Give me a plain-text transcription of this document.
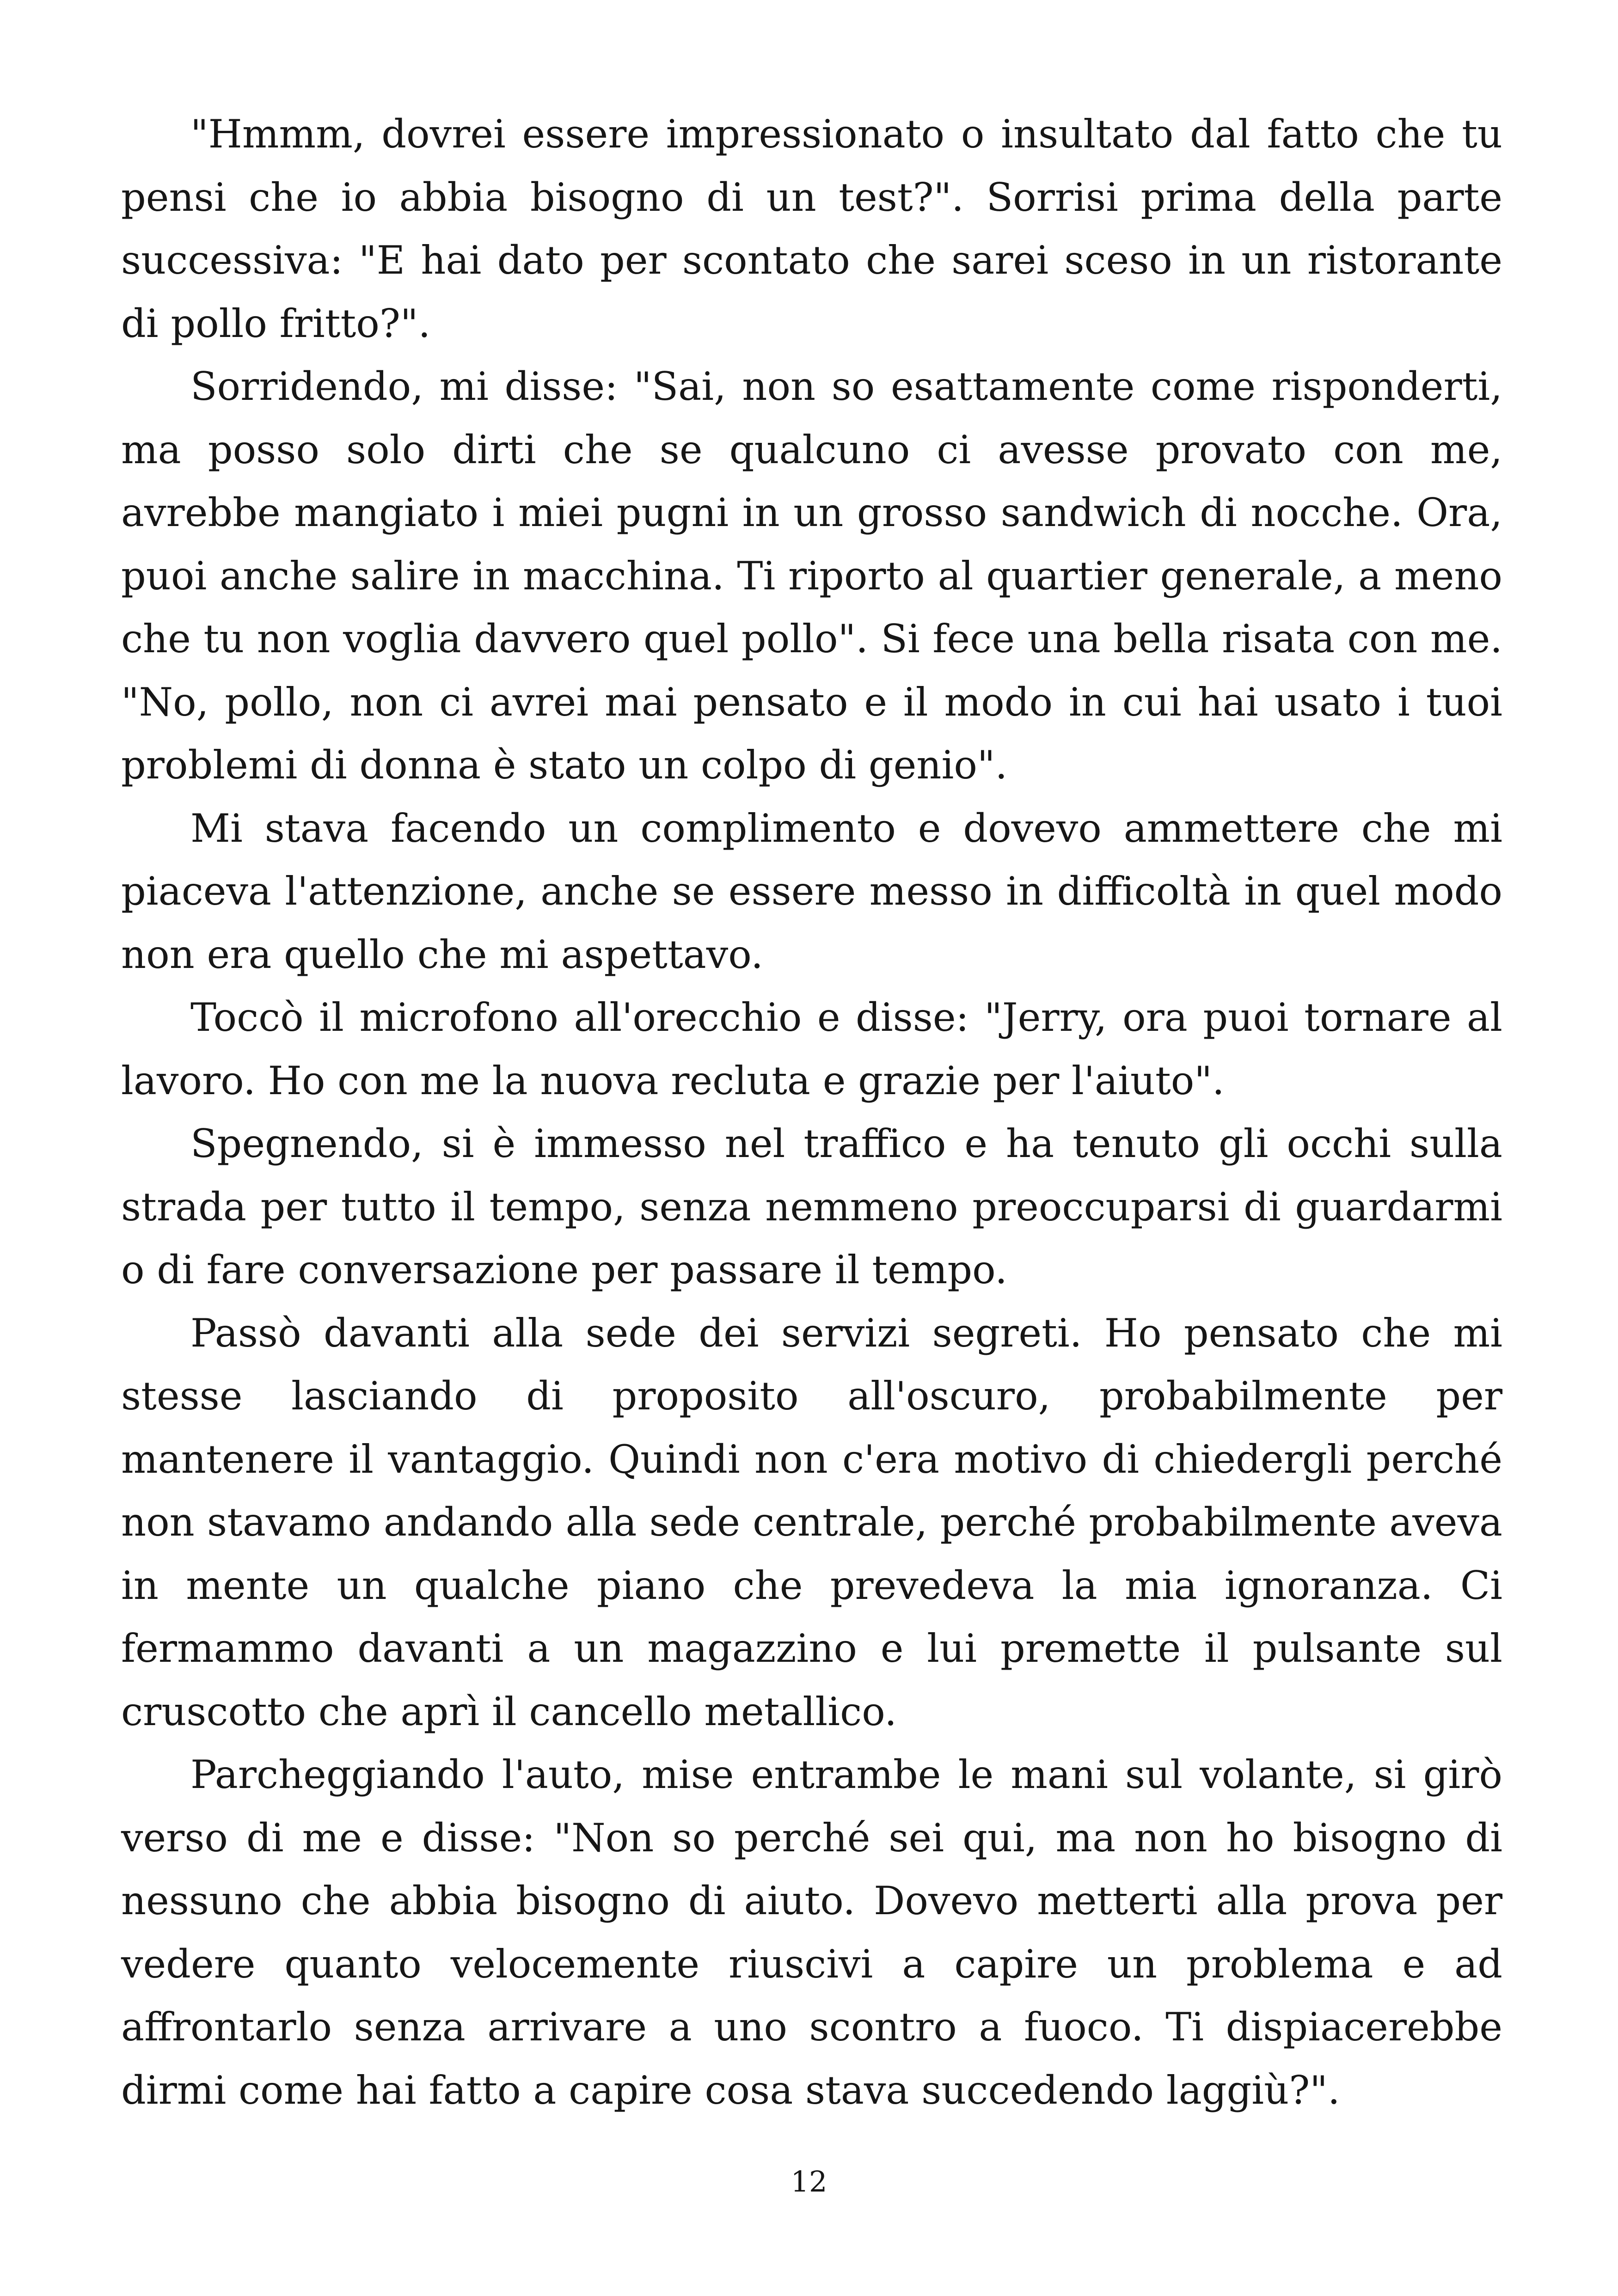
"Hmmm, dovrei essere impressionato o insultato dal fatto che tu pensi che io abbia bisogno di un test?". Sorrisi prima della parte successiva: "E hai dato per scontato che sarei sceso in un ristorante di pollo fritto?".

Sorridendo, mi disse: "Sai, non so esattamente come risponderti, ma posso solo dirti che se qualcuno ci avesse provato con me, avrebbe mangiato i miei pugni in un grosso sandwich di nocche. Ora, puoi anche salire in macchina. Ti riporto al quartier generale, a meno che tu non voglia davvero quel pollo". Si fece una bella risata con me. "No, pollo, non ci avrei mai pensato e il modo in cui hai usato i tuoi problemi di donna è stato un colpo di genio".

Mi stava facendo un complimento e dovevo ammettere che mi piaceva l'attenzione, anche se essere messo in difficoltà in quel modo non era quello che mi aspettavo.

Toccò il microfono all'orecchio e disse: "Jerry, ora puoi tornare al lavoro. Ho con me la nuova recluta e grazie per l'aiuto".

Spegnendo, si è immesso nel traffico e ha tenuto gli occhi sulla strada per tutto il tempo, senza nemmeno preoccuparsi di guardarmi o di fare conversazione per passare il tempo.

Passò davanti alla sede dei servizi segreti. Ho pensato che mi stesse lasciando di proposito all'oscuro, probabilmente per mantenere il vantaggio. Quindi non c'era motivo di chiedergli perché non stavamo andando alla sede centrale, perché probabilmente aveva in mente un qualche piano che prevedeva la mia ignoranza. Ci fermammo davanti a un magazzino e lui premette il pulsante sul cruscotto che aprì il cancello metallico.

Parcheggiando l'auto, mise entrambe le mani sul volante, si girò verso di me e disse: "Non so perché sei qui, ma non ho bisogno di nessuno che abbia bisogno di aiuto. Dovevo metterti alla prova per vedere quanto velocemente riuscivi a capire un problema e ad affrontarlo senza arrivare a uno scontro a fuoco. Ti dispiacerebbe dirmi come hai fatto a capire cosa stava succedendo laggiù?".

12
